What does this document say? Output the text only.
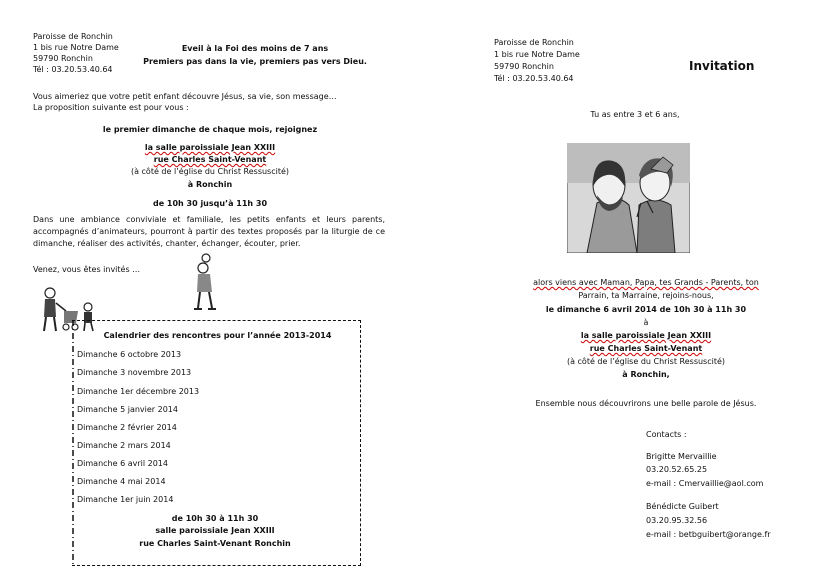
Paroisse de Ronchin
1 bis rue Notre Dame
59790 Ronchin
Tél : 03.20.53.40.64
Eveil à la Foi des moins de 7 ans
Premiers pas dans la vie, premiers pas vers Dieu.
Vous aimeriez que votre petit enfant découvre Jésus, sa vie, son message…
La proposition suivante est pour vous :
le premier dimanche de chaque mois, rejoignez
la salle paroissiale Jean XXIII
rue Charles Saint-Venant
(à côté de l’église du Christ Ressuscité)
à Ronchin
de 10h 30 jusqu’à 11h 30
Dans une ambiance conviviale et familiale, les petits enfants et leurs parents, accompagnés d’animateurs, pourront à partir des textes proposés par la liturgie de ce dimanche, réaliser des activités, chanter, échanger, écouter, prier.
Venez, vous êtes invités …
Calendrier des rencontres pour l’année 2013-2014
Dimanche 6 octobre 2013
Dimanche 3 novembre 2013
Dimanche 1er décembre 2013
Dimanche 5 janvier 2014
Dimanche 2 février 2014
Dimanche 2 mars 2014
Dimanche 6 avril 2014
Dimanche 4 mai 2014
Dimanche 1er juin 2014
de 10h 30 à 11h 30
salle paroissiale Jean XXIII
rue Charles Saint-Venant Ronchin
Paroisse de Ronchin
1 bis rue Notre Dame
59790 Ronchin
Tél : 03.20.53.40.64
Invitation
Tu as entre 3 et 6 ans,
alors viens avec Maman, Papa, tes Grands - Parents, ton
Parrain, ta Marraine, rejoins-nous,
le dimanche 6 avril 2014 de 10h 30 à 11h 30
à
la salle paroissiale Jean XXIII
rue Charles Saint-Venant
(à côté de l’église du Christ Ressuscité)
à Ronchin,
Ensemble nous découvrirons une belle parole de Jésus.
Contacts :
Brigitte Mervaillie
03.20.52.65.25
e-mail : Cmervaillie@aol.com
Bénédicte Guibert
03.20.95.32.56
e-mail : betbguibert@orange.fr
